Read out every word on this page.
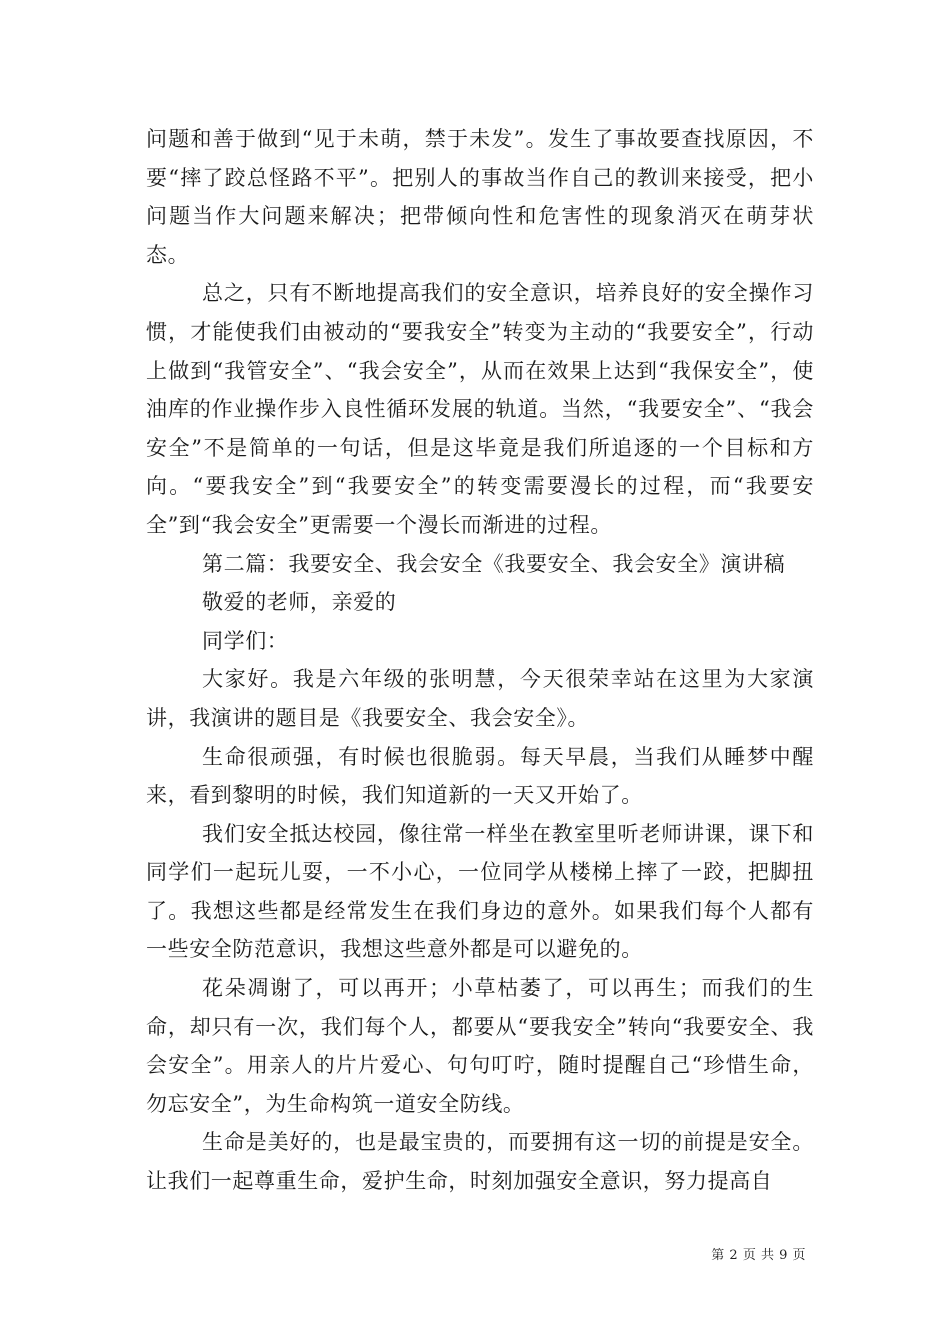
问题和善于做到“见于未萌，禁于未发”。发生了事故要查找原因，不要“摔了跤总怪路不平”。把别人的事故当作自己的教训来接受，把小问题当作大问题来解决；把带倾向性和危害性的现象消灭在萌芽状态。

总之，只有不断地提高我们的安全意识，培养良好的安全操作习惯，才能使我们由被动的“要我安全”转变为主动的“我要安全”，行动上做到“我管安全”、“我会安全”，从而在效果上达到“我保安全”，使油库的作业操作步入良性循环发展的轨道。当然，“我要安全”、“我会安全”不是简单的一句话，但是这毕竟是我们所追逐的一个目标和方向。“要我安全”到“我要安全”的转变需要漫长的过程，而“我要安全”到“我会安全”更需要一个漫长而渐进的过程。

第二篇：我要安全、我会安全《我要安全、我会安全》演讲稿

敬爱的老师，亲爱的

同学们：

大家好。我是六年级的张明慧，今天很荣幸站在这里为大家演讲，我演讲的题目是《我要安全、我会安全》。

生命很顽强，有时候也很脆弱。每天早晨，当我们从睡梦中醒来，看到黎明的时候，我们知道新的一天又开始了。

我们安全抵达校园，像往常一样坐在教室里听老师讲课，课下和同学们一起玩儿耍，一不小心，一位同学从楼梯上摔了一跤，把脚扭了。我想这些都是经常发生在我们身边的意外。如果我们每个人都有一些安全防范意识，我想这些意外都是可以避免的。

花朵凋谢了，可以再开；小草枯萎了，可以再生；而我们的生命，却只有一次，我们每个人，都要从“要我安全”转向“我要安全、我会安全”。用亲人的片片爱心、句句叮咛，随时提醒自己“珍惜生命，勿忘安全”，为生命构筑一道安全防线。

生命是美好的，也是最宝贵的，而要拥有这一切的前提是安全。让我们一起尊重生命，爱护生命，时刻加强安全意识，努力提高自

第 2 页 共 9 页
